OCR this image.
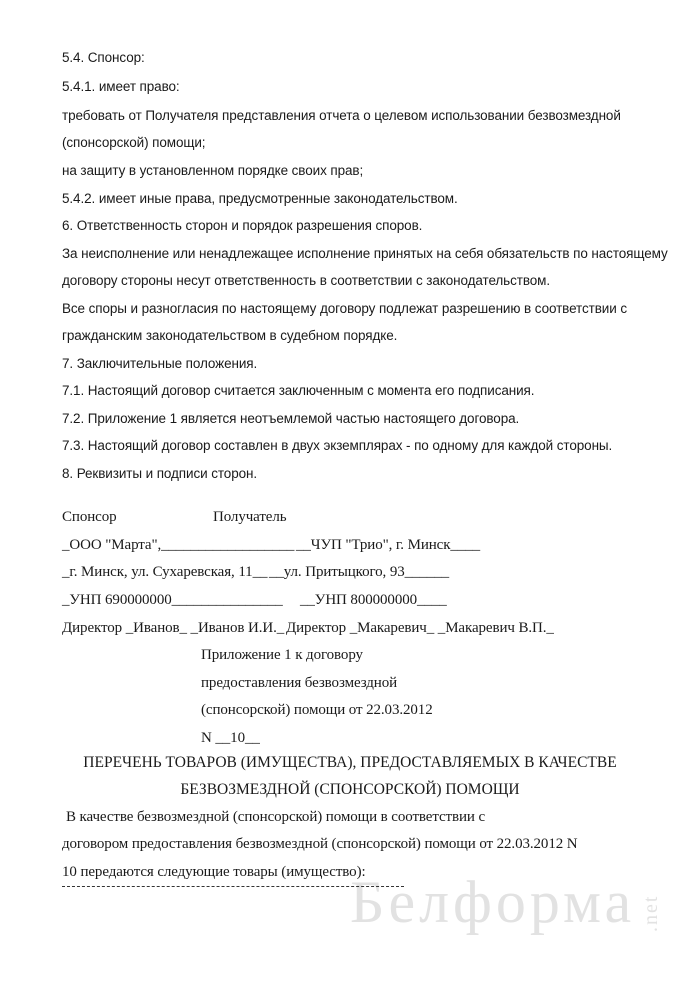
5.4. Спонсор:
5.4.1. имеет право:
требовать от Получателя представления отчета о целевом использовании безвозмездной
(спонсорской) помощи;
на защиту в установленном порядке своих прав;
5.4.2. имеет иные права, предусмотренные законодательством.
6. Ответственность сторон и порядок разрешения споров.
За неисполнение или ненадлежащее исполнение принятых на себя обязательств по настоящему
договору стороны несут ответственность в соответствии с законодательством.
Все споры и разногласия по настоящему договору подлежат разрешению в соответствии с
гражданским законодательством в судебном порядке.
7. Заключительные положения.
7.1. Настоящий договор считается заключенным с момента его подписания.
7.2. Приложение 1 является неотъемлемой частью настоящего договора.
7.3. Настоящий договор составлен в двух экземплярах - по одному для каждой стороны.
8. Реквизиты и подписи сторон.
Спонсор	Получатель
_ООО "Марта",__________________ __ЧУП "Трио", г. Минск____
_г. Минск, ул. Сухаревская, 11__ __ул. Притыцкого, 93______
_УНП 690000000_______________ __УНП 800000000____
Директор _Иванов_ _Иванов И.И._ Директор _Макаревич_ _Макаревич В.П._
Приложение 1 к договору
предоставления безвозмездной
(спонсорской) помощи от 22.03.2012
N __10__
ПЕРЕЧЕНЬ ТОВАРОВ (ИМУЩЕСТВА), ПРЕДОСТАВЛЯЕМЫХ В КАЧЕСТВЕ
БЕЗВОЗМЕЗДНОЙ (СПОНСОРСКОЙ) ПОМОЩИ
В качестве безвозмездной (спонсорской) помощи в соответствии с
договором предоставления безвозмездной (спонсорской) помощи от 22.03.2012 N
10 передаются следующие товары (имущество):
Белформа .net
